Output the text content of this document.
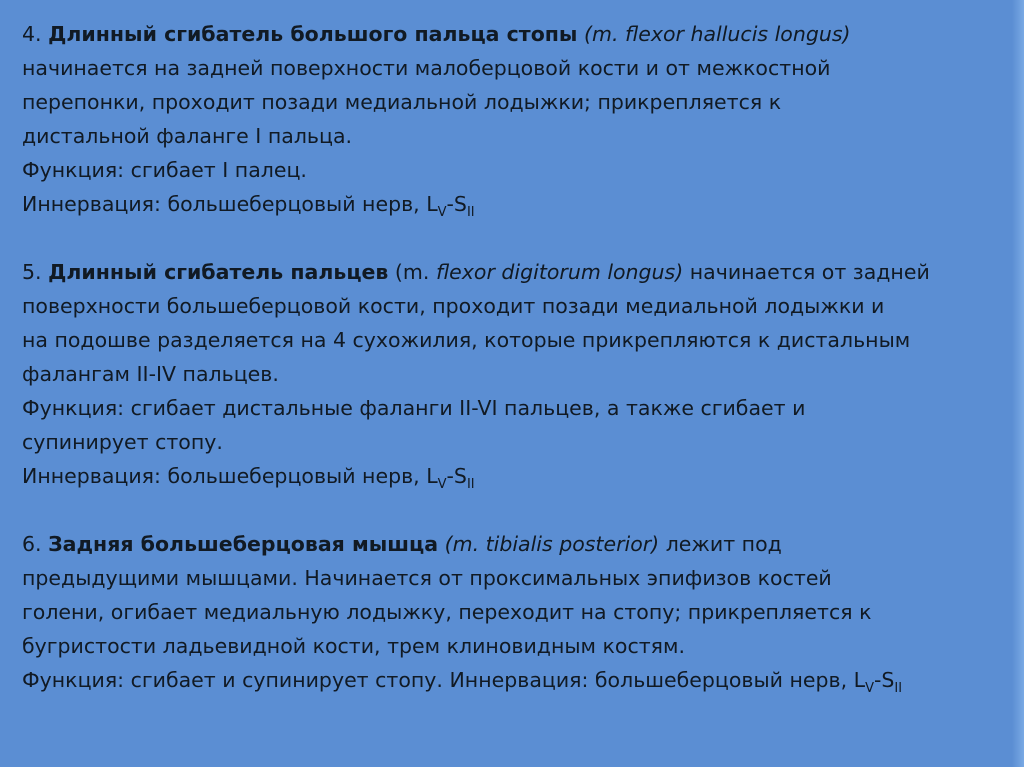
4. Длинный сгибатель большого пальца стопы (m. flexor hallucis longus)
начинается на задней поверхности малоберцовой кости и от межкостной
перепонки, проходит позади медиальной лодыжки; прикрепляется к
дистальной фаланге I пальца.
Функция: сгибает I палец.
Иннервация: большеберцовый нерв, $L_V-S_{II}$
5. Длинный сгибатель пальцев (m. flexor digitorum longus) начинается от задней
поверхности большеберцовой кости, проходит позади медиальной лодыжки и
на подошве разделяется на 4 сухожилия, которые прикрепляются к дистальным
фалангам II-IV пальцев.
Функция: сгибает дистальные фаланги II-VI пальцев, а также сгибает и
супинирует стопу.
Иннервация: большеберцовый нерв, $L_V-S_{II}$
6. Задняя большеберцовая мышца (m. tibialis posterior) лежит под
предыдущими мышцами. Начинается от проксимальных эпифизов костей
голени, огибает медиальную лодыжку, переходит на стопу; прикрепляется к
бугристости ладьевидной кости, трем клиновидным костям.
Функция: сгибает и супинирует стопу. Иннервация: большеберцовый нерв, $L_V-S_{II}$
